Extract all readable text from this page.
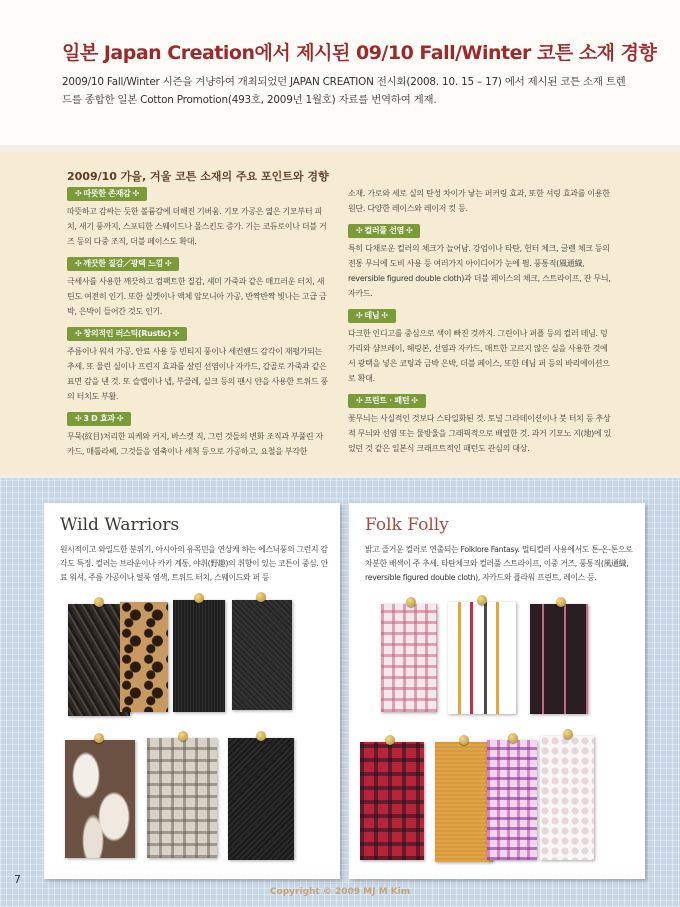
일본 Japan Creation에서 제시된 09/10 Fall/Winter 코튼 소재 경향
2009/10 Fall/Winter 시즌을 겨냥하여 개최되었던 JAPAN CREATION 전시회(2008. 10. 15 – 17) 에서 제시된 코튼 소재 트렌드를 종합한 일본 Cotton Promotion(493호, 2009년 1월호) 자료를 번역하여 게재.
2009/10 가을, 겨울 코튼 소재의 주요 포인트와 경향
✣ 따뜻한 존재감 ✣
따뜻하고 감싸는 듯한 볼륨감에 더해진 기버움. 기모 가공은 엷은 기모부터 피치, 새기 풍까지, 스포티한 스웨이드나 몰스킨도 증가. 기는 코듀로이나 더블 거즈 등의 다중 조직, 더블 페이스도 확대.
✣ 깨끗한 질감／광택 느낌 ✣
극세사를 사용한 깨끗하고 컴팩트한 질감, 섀미 가죽과 같은 매끄러운 터치, 새틴도 여전히 인기. 또한 실켓이나 액체 암모니아 가공, 반짝반짝 빛나는 고급 금박, 은박이 들어간 것도 인기.
✣ 창의적인 러스틱(Rustic) ✣
주름이나 워셔 가공, 안료 사용 등 빈티지 풍이나 세컨핸드 감각이 재평가되는 추세. 또 물린 실이나 프린지 효과를 살린 선염이나 자카드, 갑골로 가죽과 같은 표면 감을 낸 것. 또 슬랩이나 넵, 부클레, 실크 등의 팬시 얀을 사용한 트위드 풍의 터치도 부활.
✣ 3 D 효과 ✣
무묵(紋目)처리한 피케와 커지, 바스켓 직, 그런 것들의 변화 조직과 부풀린 자카드, 매틀라쎄, 그것들을 염축이나 세척 등으로 가공하고, 요철을 부각한
소재. 가로와 세로 실의 탄성 차이가 낳는 퍼커링 효과, 또한 셔링 효과를 이용한 원단. 다양한 레이스와 레이저 컷 등.
✣ 컬러풀 선염 ✣
특히 다채로운 컬러의 체크가 늘어남. 강엄이나 타탄, 헌터 체크, 글렌 체크 등의 전통 무늬에 도비 사용 등 여러가지 아이디어가 눈에 띔. 풍통직(風通織, reversible figured double cloth)과 더블 페이스의 체크, 스트라이프, 잔 무늬, 자카드.
✣ 데님 ✣
다크한 인디고를 중심으로 색이 빠진 것까지. 그린이나 퍼플 등의 컬러 데님. 덩가리와 샴브레이, 헤링본, 선염과 자카드, 매트한 고르지 않은 실을 사용한 것에서 광택을 넣은 코팅과 금박 은박, 더블 페이스, 또한 데님 퍼 등의 바리에이션으로 확대.
✣ 프린트 · 패턴 ✣
꽃무늬는 사실적인 것보다 스타일화된 것. 토널 그라데이션이나 붓 터치 등 추상적 무늬와 선염 또는 물방울을 그래픽적으로 배열한 것. 과거 기모노 지(地)에 있었던 것 같은 일본식 크래프트적인 패턴도 관심의 대상.
Wild Warriors
원시적이고 와일드한 분위기, 아시아의 유목민을 연상케 하는 에스닉풍의 그런지 감각도 특징. 컬러는 브라운이나 카키 계통, 야취(野趣)의 취향이 있는 코튼이 중심. 안료 워셔, 주름 가공이나 얼룩 염색, 트위드 터치, 스웨이드와 퍼 등
Folk Folly
밝고 즐거운 컬러로 연출되는 Folklore Fantasy. 멀티컬러 사용에서도 톤-온-톤으로 차분한 배색이 주 추세. 타탄체크와 컬러풀 스트라이프, 이중 거즈, 풍통직(風通織, reversible figured double cloth), 자카드와 플라워 프린트, 레이스 등.
7
Copyright © 2009 MJ M Kim
